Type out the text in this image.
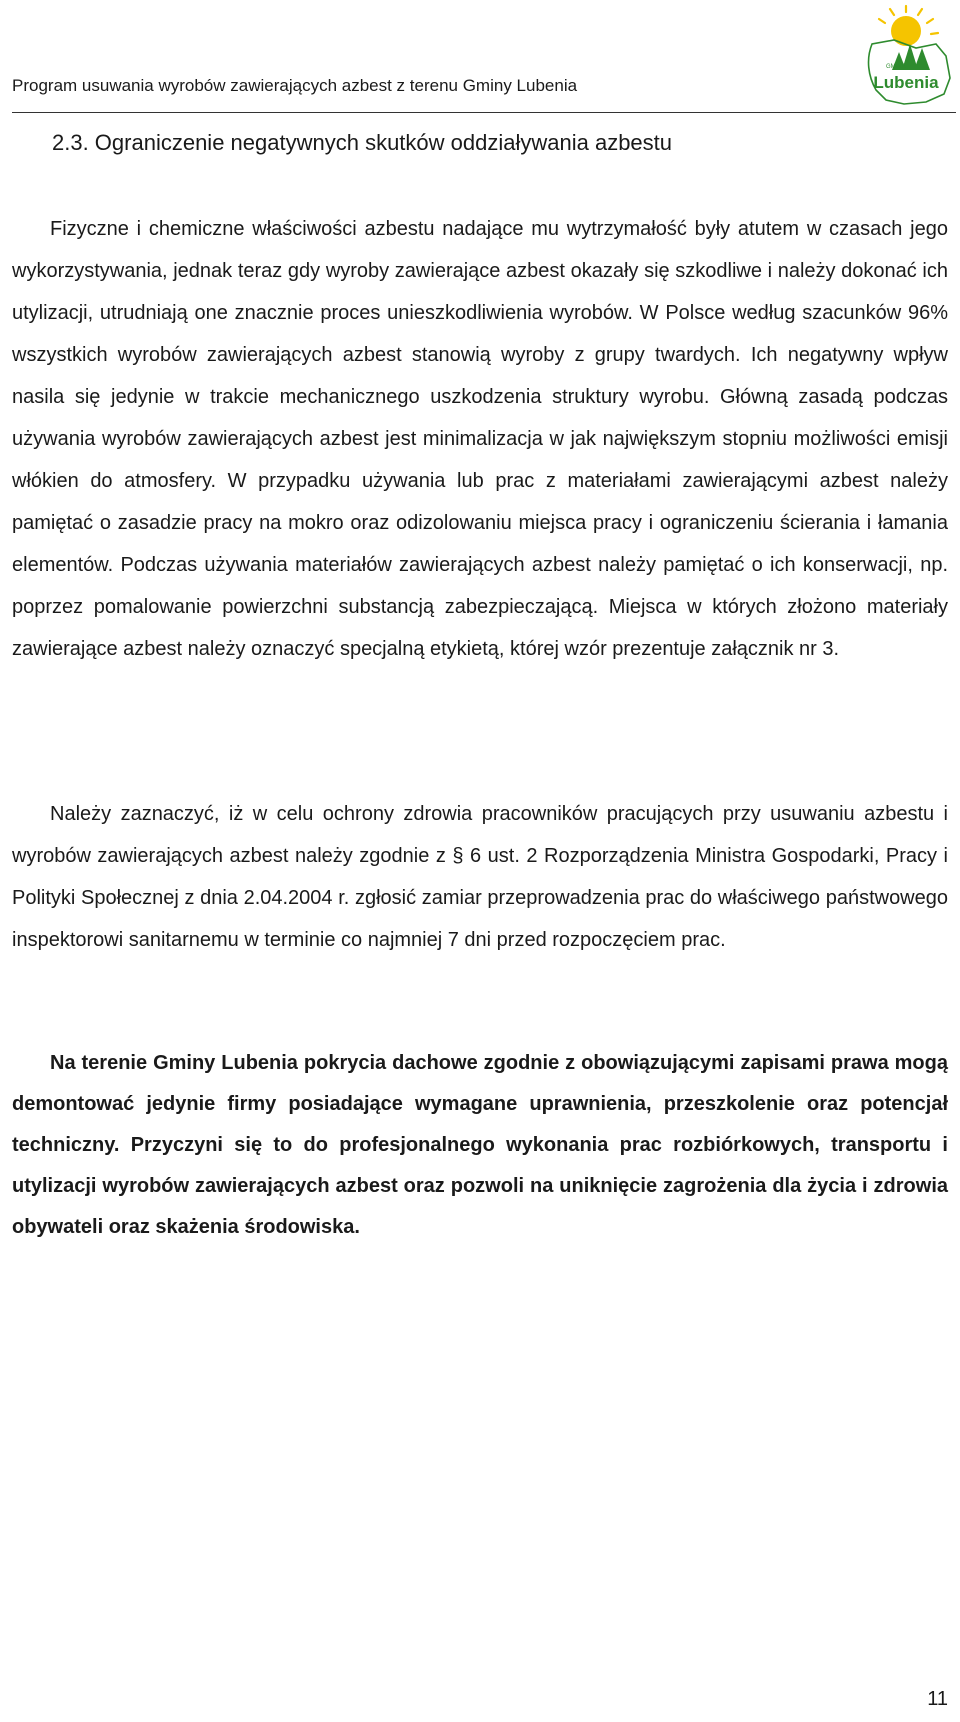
Program usuwania wyrobów zawierających azbest z terenu Gminy Lubenia
GMINA
Lubenia
2.3. Ograniczenie negatywnych skutków oddziaływania azbestu

Fizyczne i chemiczne właściwości azbestu nadające mu wytrzymałość były atutem w czasach jego wykorzystywania, jednak teraz gdy wyroby zawierające azbest okazały się szkodliwe i należy dokonać ich utylizacji, utrudniają one znacznie proces unieszkodliwienia wyrobów. W Polsce według szacunków 96% wszystkich wyrobów zawierających azbest stanowią wyroby z grupy twardych. Ich negatywny wpływ nasila się jedynie w trakcie mechanicznego uszkodzenia struktury wyrobu. Główną zasadą podczas używania wyrobów zawierających azbest jest minimalizacja w jak największym stopniu możliwości emisji włókien do atmosfery. W przypadku używania lub prac z materiałami zawierającymi azbest należy pamiętać o zasadzie pracy na mokro oraz odizolowaniu miejsca pracy i ograniczeniu ścierania i łamania elementów. Podczas używania materiałów zawierających azbest należy pamiętać o ich konserwacji, np. poprzez pomalowanie powierzchni substancją zabezpieczającą. Miejsca w których złożono materiały zawierające azbest należy oznaczyć specjalną etykietą, której wzór prezentuje załącznik nr 3.

Należy zaznaczyć, iż w celu ochrony zdrowia pracowników pracujących przy usuwaniu azbestu i wyrobów zawierających azbest należy zgodnie z § 6 ust. 2 Rozporządzenia Ministra Gospodarki, Pracy i Polityki Społecznej z dnia 2.04.2004 r. zgłosić zamiar przeprowadzenia prac do właściwego państwowego inspektorowi sanitarnemu w terminie co najmniej 7 dni przed rozpoczęciem prac.

Na terenie Gminy Lubenia pokrycia dachowe zgodnie z obowiązującymi zapisami prawa mogą demontować jedynie firmy posiadające wymagane uprawnienia, przeszkolenie oraz potencjał techniczny. Przyczyni się to do profesjonalnego wykonania prac rozbiórkowych, transportu i utylizacji wyrobów zawierających azbest oraz pozwoli na uniknięcie zagrożenia dla życia i zdrowia obywateli oraz skażenia środowiska.

11
